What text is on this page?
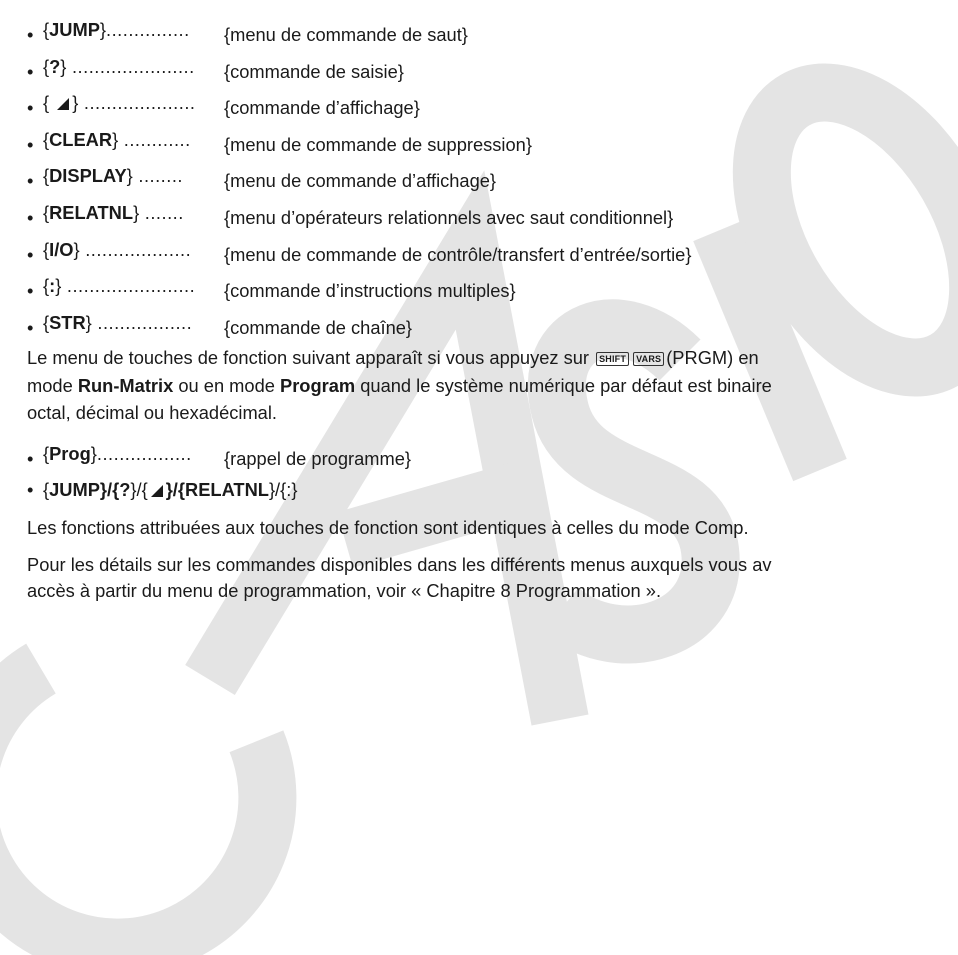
• {JUMP}............... {menu de commande de saut}
• {?} ...................... {commande de saisie}
• { } .................... {commande d’affichage}
• {CLEAR} ............ {menu de commande de suppression}
• {DISPLAY} ........ {menu de commande d’affichage}
• {RELATNL} ....... {menu d’opérateurs relationnels avec saut conditionnel}
• {I/O} ................... {menu de commande de contrôle/transfert d’entrée/sortie}
• {:} ....................... {commande d’instructions multiples}
• {STR} ................. {commande de chaîne}
Le menu de touches de fonction suivant apparaît si vous appuyez sur SHIFT VARS (PRGM) en
mode Run-Matrix ou en mode Program quand le système numérique par défaut est binaire
octal, décimal ou hexadécimal.
• {Prog}................. {rappel de programme}
• {JUMP}/{?}/{ }/{RELATNL}/{:}
Les fonctions attribuées aux touches de fonction sont identiques à celles du mode Comp.
Pour les détails sur les commandes disponibles dans les différents menus auxquels vous av
accès à partir du menu de programmation, voir « Chapitre 8 Programmation ».
